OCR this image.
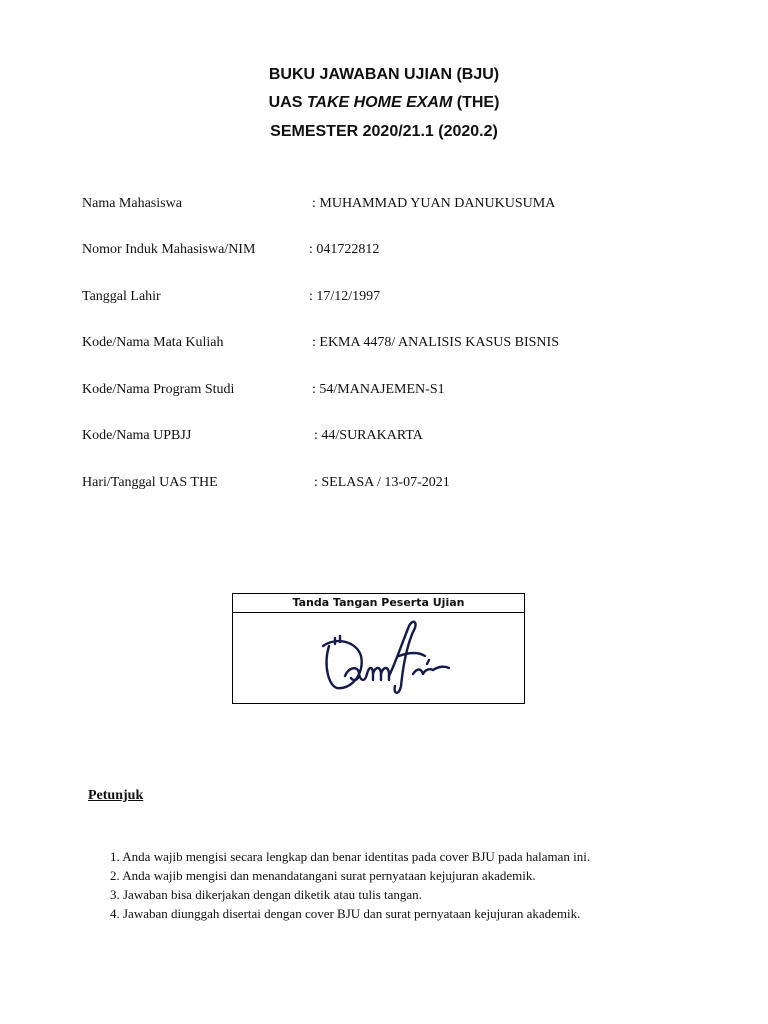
BUKU JAWABAN UJIAN (BJU)
UAS TAKE HOME EXAM (THE)
SEMESTER 2020/21.1 (2020.2)
Nama Mahasiswa	: MUHAMMAD YUAN DANUKUSUMA
Nomor Induk Mahasiswa/NIM	: 041722812
Tanggal Lahir	: 17/12/1997
Kode/Nama Mata Kuliah	: EKMA 4478/ ANALISIS KASUS BISNIS
Kode/Nama Program Studi	: 54/MANAJEMEN-S1
Kode/Nama UPBJJ	: 44/SURAKARTA
Hari/Tanggal UAS THE	: SELASA / 13-07-2021
Tanda Tangan Peserta Ujian
Petunjuk
1. Anda wajib mengisi secara lengkap dan benar identitas pada cover BJU pada halaman ini.
2. Anda wajib mengisi dan menandatangani surat pernyataan kejujuran akademik.
3. Jawaban bisa dikerjakan dengan diketik atau tulis tangan.
4. Jawaban diunggah disertai dengan cover BJU dan surat pernyataan kejujuran akademik.
